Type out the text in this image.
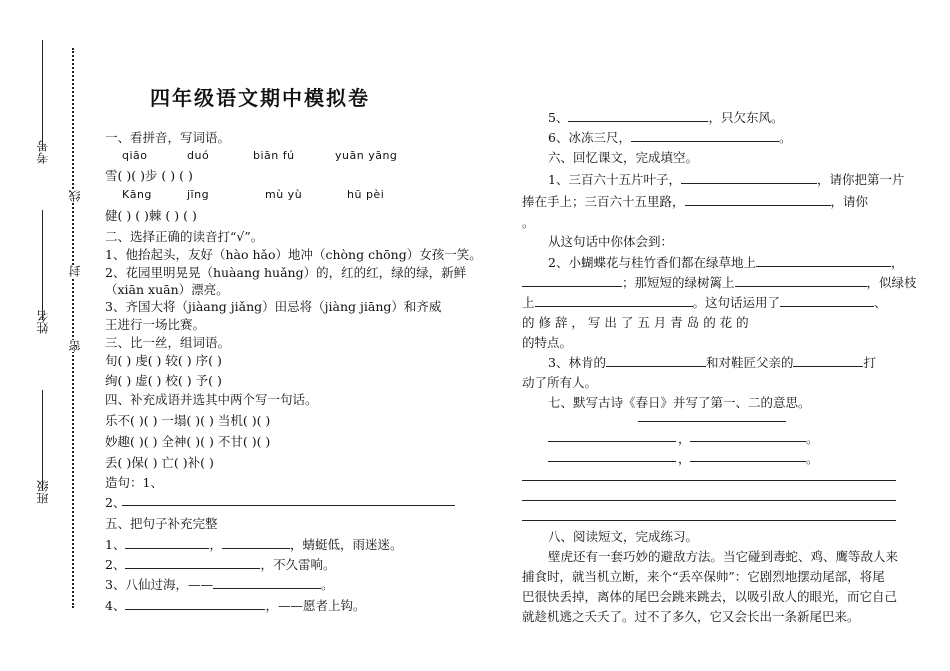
考号
姓名
班级
线
封
密
四年级语文期中模拟卷
一、看拼音，写词语。
qiāo	duó	biān fú	yuān yāng
雪( )( )步 ( ) ( )
Kāng	jīng	mù yù	hū pèi
健( ) ( )棘 ( ) ( )
二、选择正确的读音打“√”。
1、他抬起头，友好（hào hǎo）地冲（chòng chōng）女孩一笑。
2、花园里明晃晃（huàang huǎng）的，红的红，绿的绿，新鲜
（xiān xuān）漂亮。
3、齐国大将（jiàang jiǎng）田忌将（jiàng jiāng）和齐威
王进行一场比赛。
三、比一丝，组词语。
旬( ) 虔( ) 较( ) 序( )
绚( ) 虚( ) 校( ) 予( )
四、补充成语并选其中两个写一句话。
乐不( )( ) 一塌( )( ) 当机( )( )
妙趣( )( ) 全神( )( ) 不甘( )( )
丢( )保( ) 亡( )补( )
造句：1、
2、
五、把句子补充完整
1、	，	，蜻蜓低，雨迷迷。
2、	，不久雷响。
3、八仙过海，——	。
4、	，——愿者上钩。
5、	，只欠东风。
6、冰冻三尺，	。
六、回忆课文，完成填空。
1、三百六十五片叶子，	，请你把第一片
捧在手上；三百六十五里路，	，请你
。
从这句话中你体会到：
2、小蝴蝶花与桂竹香们都在绿草地上	，
；那短短的绿树篱上	，似绿枝
上	。这句话运用了	、
的 修 辞 ， 写 出 了 五 月 青 岛 的 花 的
的特点。
3、林肯的	和对鞋匠父亲的	打
动了所有人。
七、默写古诗《春日》并写了第一、二的意思。
，	。
，	。
八、阅读短文，完成练习。
壁虎还有一套巧妙的避敌方法。当它碰到毒蛇、鸡、鹰等敌人来
捕食时，就当机立断，来个“丢卒保帅”：它剧烈地摆动尾部，将尾
巴很快丢掉，离体的尾巴会跳来跳去，以吸引敌人的眼光，而它自己
就趁机逃之夭夭了。过不了多久，它又会长出一条新尾巴来。
